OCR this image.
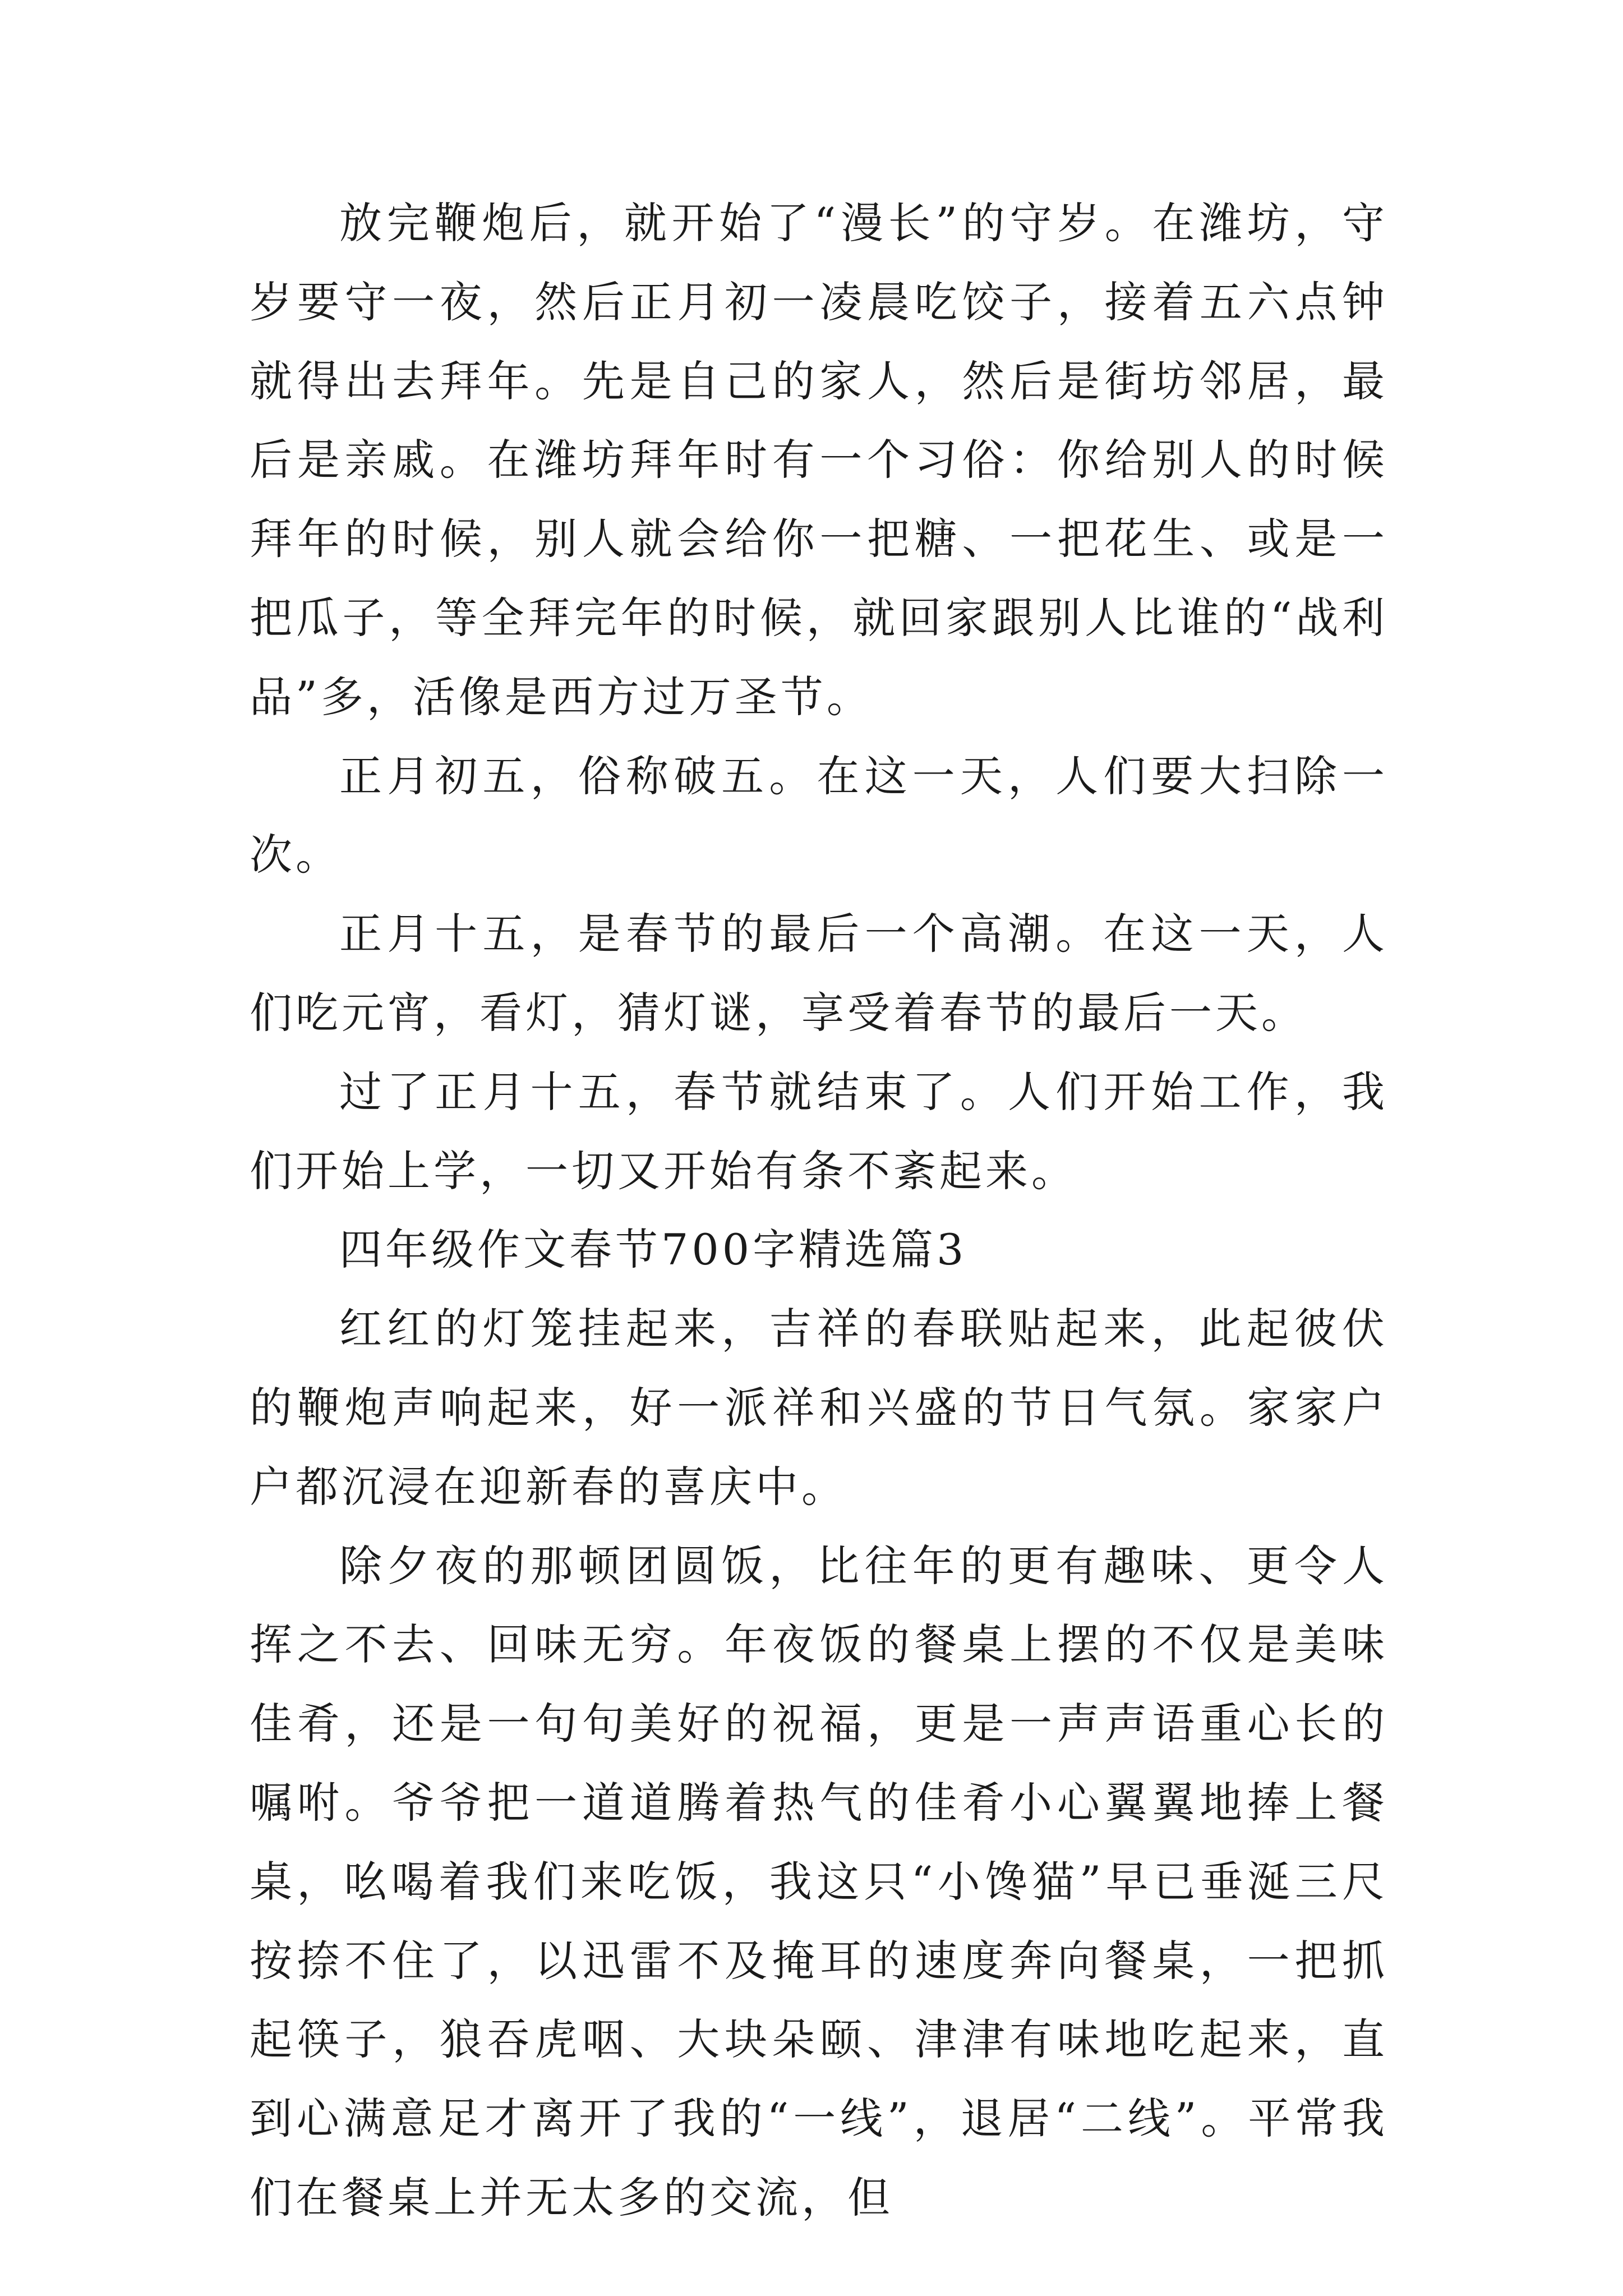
放完鞭炮后，就开始了“漫长”的守岁。在潍坊，守岁要守一夜，然后正月初一凌晨吃饺子，接着五六点钟就得出去拜年。先是自己的家人，然后是街坊邻居，最后是亲戚。在潍坊拜年时有一个习俗：你给别人的时候拜年的时候，别人就会给你一把糖、一把花生、或是一把瓜子，等全拜完年的时候，就回家跟别人比谁的“战利品”多，活像是西方过万圣节。

正月初五，俗称破五。在这一天，人们要大扫除一次。

正月十五，是春节的最后一个高潮。在这一天，人们吃元宵，看灯，猜灯谜，享受着春节的最后一天。

过了正月十五，春节就结束了。人们开始工作，我们开始上学，一切又开始有条不紊起来。

四年级作文春节700字精选篇3

红红的灯笼挂起来，吉祥的春联贴起来，此起彼伏的鞭炮声响起来，好一派祥和兴盛的节日气氛。家家户户都沉浸在迎新春的喜庆中。

除夕夜的那顿团圆饭，比往年的更有趣味、更令人挥之不去、回味无穷。年夜饭的餐桌上摆的不仅是美味佳肴，还是一句句美好的祝福，更是一声声语重心长的嘱咐。爷爷把一道道腾着热气的佳肴小心翼翼地捧上餐桌，吆喝着我们来吃饭，我这只“小馋猫”早已垂涎三尺按捺不住了，以迅雷不及掩耳的速度奔向餐桌，一把抓起筷子，狼吞虎咽、大块朵颐、津津有味地吃起来，直到心满意足才离开了我的“一线”，退居“二线”。平常我们在餐桌上并无太多的交流，但
